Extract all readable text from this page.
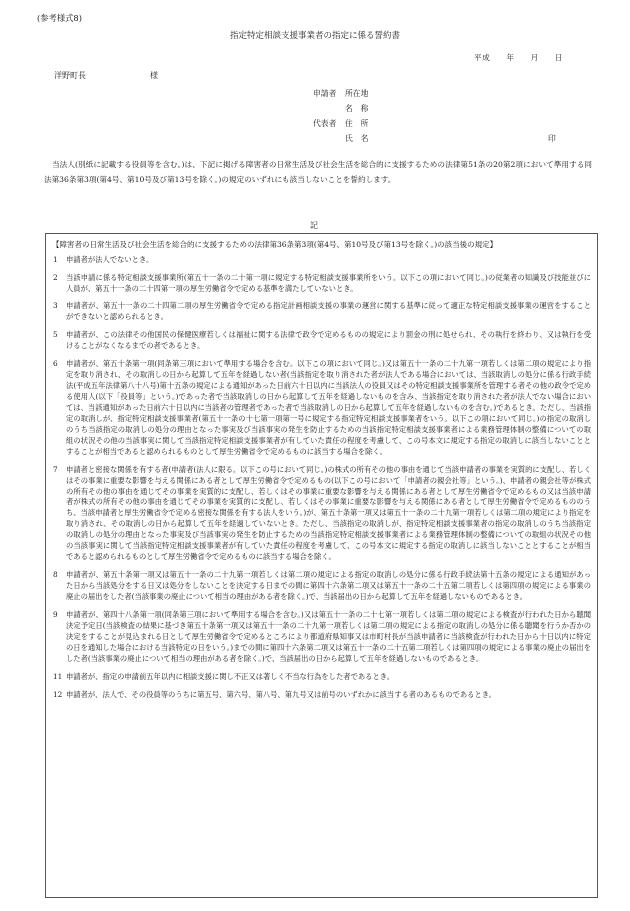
(参考様式8)
指定特定相談支援事業者の指定に係る誓約書
平成　　年　　月　　日
洋野町長　　　　　　　　様
申請者 所在地
名　称
代表者 住　所
氏　名	印

当法人(別紙に記載する役員等を含む。)は、下記に掲げる障害者の日常生活及び社会生活を総合的に支援するための法律第51条の20第2項において準用する同法第36条第3項(第4号、第10号及び第13号を除く。)の規定のいずれにも該当しないことを誓約します。

記
【障害者の日常生活及び社会生活を総合的に支援するための法律第36条第3項(第4号、第10号及び第13号を除く。)の該当後の規定】
1	申請者が法人でないとき。
2	当該申請に係る特定相談支援事業所(第五十一条の二十第一項に規定する特定相談支援事業所をいう。以下この項において同じ。)の従業者の知識及び技能並びに人員が、第五十一条の二十四第一項の厚生労働省令で定める基準を満たしていないとき。
3	申請者が、第五十一条の二十四第二項の厚生労働省令で定める指定計画相談支援の事業の運営に関する基準に従って適正な特定相談支援事業の運営をすることができないと認められるとき。
5	申請者が、この法律その他国民の保健医療若しくは福祉に関する法律で政令で定めるものの規定により罰金の刑に処せられ、その執行を終わり、又は執行を受けることがなくなるまでの者であるとき。
6	申請者が、第五十条第一項(同条第三項において準用する場合を含む。以下この項において同じ。)又は第五十一条の二十九第一項若しくは第二項の規定により指定を取り消され、その取消しの日から起算して五年を経過しない者(当該指定を取り消された者が法人である場合においては、当該取消しの処分に係る行政手続法(平成五年法律第八十八号)第十五条の規定による通知があった日前六十日以内に当該法人の役員又はその特定相談支援事業所を管理する者その他の政令で定める使用人(以下「役員等」という。)であった者で当該取消しの日から起算して五年を経過しないものを含み、当該指定を取り消された者が法人でない場合においては、当該通知があった日前六十日以内に当該者の管理者であった者で当該取消しの日から起算して五年を経過しないものを含む。)であるとき。ただし、当該指定の取消しが、指定特定相談支援事業者(第五十一条の十七第一項第一号に規定する指定特定相談支援事業者をいう。以下この項において同じ。)の指定の取消しのうち当該指定の取消しの処分の理由となった事実及び当該事実の発生を防止するための当該指定特定相談支援事業者による業務管理体制の整備についての取組の状況その他の当該事実に関して当該指定特定相談支援事業者が有していた責任の程度を考慮して、この号本文に規定する指定の取消しに該当しないこととすることが相当であると認められるものとして厚生労働省令で定めるものに該当する場合を除く。
7	申請者と密接な関係を有する者(申請者(法人に限る。以下この号において同じ。)の株式の所有その他の事由を通じて当該申請者の事業を実質的に支配し、若しくはその事業に重要な影響を与える関係にある者として厚生労働省令で定めるもの(以下この号において「申請者の親会社等」という。)、申請者の親会社等が株式の所有その他の事由を通じてその事業を実質的に支配し、若しくはその事業に重要な影響を与える関係にある者として厚生労働省令で定めるもの又は当該申請者が株式の所有その他の事由を通じてその事業を実質的に支配し、若しくはその事業に重要な影響を与える関係にある者として厚生労働省令で定めるもののうち、当該申請者と厚生労働省令で定める密接な関係を有する法人をいう。)が、第五十条第一項又は第五十一条の二十九第一項若しくは第二項の規定により指定を取り消され、その取消しの日から起算して五年を経過していないとき。ただし、当該指定の取消しが、指定特定相談支援事業者の指定の取消しのうち当該指定の取消しの処分の理由となった事実及び当該事実の発生を防止するための当該指定特定相談支援事業者による業務管理体制の整備についての取組の状況その他の当該事実に関して当該指定特定相談支援事業者が有していた責任の程度を考慮して、この号本文に規定する指定の取消しに該当しないこととすることが相当であると認められるものとして厚生労働省令で定めるものに該当する場合を除く。
8	申請者が、第五十条第一項又は第五十一条の二十九第一項若しくは第二項の規定による指定の取消しの処分に係る行政手続法第十五条の規定による通知があった日から当該処分をする日又は処分をしないことを決定する日までの間に第四十六条第二項又は第五十一条の二十五第二項若しくは第四項の規定による事業の廃止の届出をした者(当該事業の廃止について相当の理由がある者を除く。)で、当該届出の日から起算して五年を経過しないものであるとき。
9	申請者が、第四十八条第一項(同条第三項において準用する場合を含む。)又は第五十一条の二十七第一項若しくは第二項の規定による検査が行われた日から聴聞決定予定日(当該検査の結果に基づき第五十条第一項又は第五十一条の二十九第一項若しくは第二項の規定による指定の取消しの処分に係る聴聞を行うか否かの決定をすることが見込まれる日として厚生労働省令で定めるところにより都道府県知事又は市町村長が当該申請者に当該検査が行われた日から十日以内に特定の日を通知した場合における当該特定の日をいう。)までの間に第四十六条第二項又は第五十一条の二十五第二項若しくは第四項の規定による事業の廃止の届出をした者(当該事業の廃止について相当の理由がある者を除く。)で、当該届出の日から起算して五年を経過しないものであるとき。
11 申請者が、指定の申請前五年以内に相談支援に関し不正又は著しく不当な行為をした者であるとき。
12 申請者が、法人で、その役員等のうちに第五号、第六号、第八号、第九号又は前号のいずれかに該当する者のあるものであるとき。
